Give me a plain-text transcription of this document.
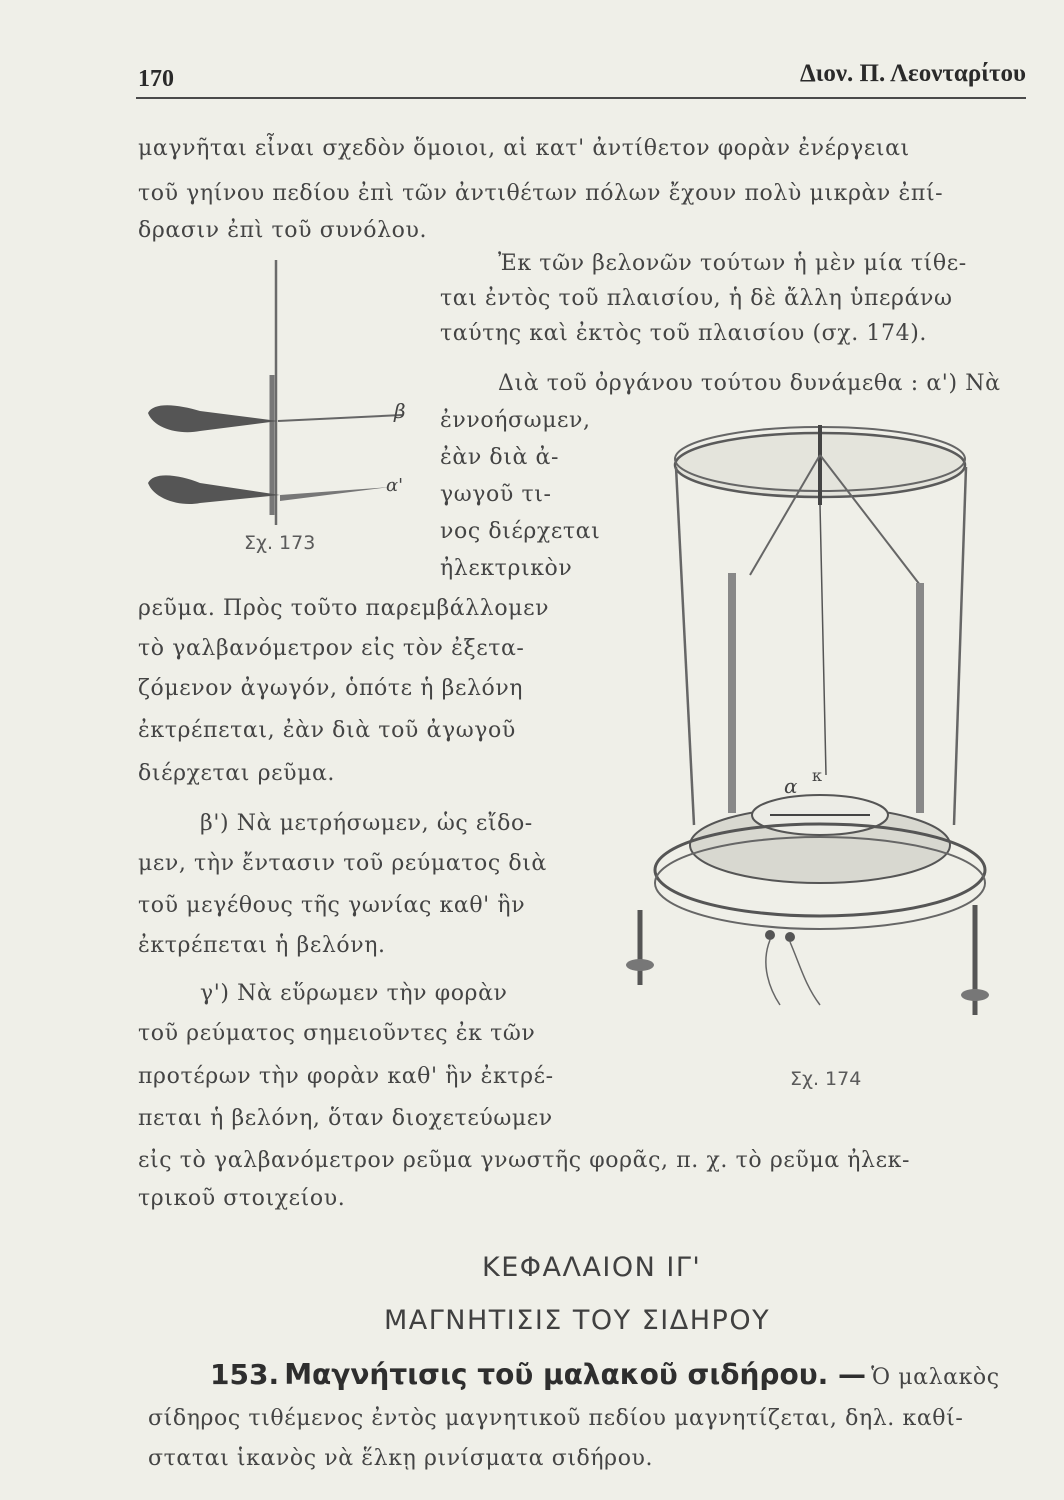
170	Διον. Π. Λεονταρίτου
μαγνῆται εἶναι σχεδὸν ὅμοιοι, αἱ κατ' ἀντίθετον φορὰν ἐνέργειαι
τοῦ γηίνου πεδίου ἐπὶ τῶν ἀντιθέτων πόλων ἔχουν πολὺ μικρὰν ἐπί-
δρασιν ἐπὶ τοῦ συνόλου.
Ἐκ τῶν βελονῶν τούτων ἡ μὲν μία τίθε-
ται ἐντὸς τοῦ πλαισίου, ἡ δὲ ἄλλη ὑπεράνω
ταύτης καὶ ἐκτὸς τοῦ πλαισίου (σχ. 174).
Διὰ τοῦ ὀργάνου τούτου δυνάμεθα : α') Νὰ
ἐννοήσωμεν,
ἐὰν διὰ ἀ-
γωγοῦ τι-
νος διέρχεται
ἠλεκτρικὸν
ρεῦμα. Πρὸς τοῦτο παρεμβάλλομεν
τὸ γαλβανόμετρον εἰς τὸν ἐξετα-
ζόμενον ἀγωγόν, ὁπότε ἡ βελόνη
ἐκτρέπεται, ἐὰν διὰ τοῦ ἀγωγοῦ
διέρχεται ρεῦμα.
β') Νὰ μετρήσωμεν, ὡς εἴδο-
μεν, τὴν ἔντασιν τοῦ ρεύματος διὰ
τοῦ μεγέθους τῆς γωνίας καθ' ἣν
ἐκτρέπεται ἡ βελόνη.
γ') Νὰ εὕρωμεν τὴν φορὰν
τοῦ ρεύματος σημειοῦντες ἐκ τῶν
προτέρων τὴν φορὰν καθ' ἣν ἐκτρέ-
πεται ἡ βελόνη, ὅταν διοχετεύωμεν
εἰς τὸ γαλβανόμετρον ρεῦμα γνωστῆς φορᾶς, π. χ. τὸ ρεῦμα ἠλεκ-
τρικοῦ στοιχείου.
β
α'
Σχ. 173
α κ
Σχ. 174
ΚΕΦΑΛΑΙΟΝ ΙΓ'
ΜΑΓΝΗΤΙΣΙΣ ΤΟΥ ΣΙΔΗΡΟΥ
153. Μαγνήτισις τοῦ μαλακοῦ σιδήρου. — Ὁ μαλακὸς
σίδηρος τιθέμενος ἐντὸς μαγνητικοῦ πεδίου μαγνητίζεται, δηλ. καθί-
σταται ἱκανὸς νὰ ἕλκῃ ρινίσματα σιδήρου.
